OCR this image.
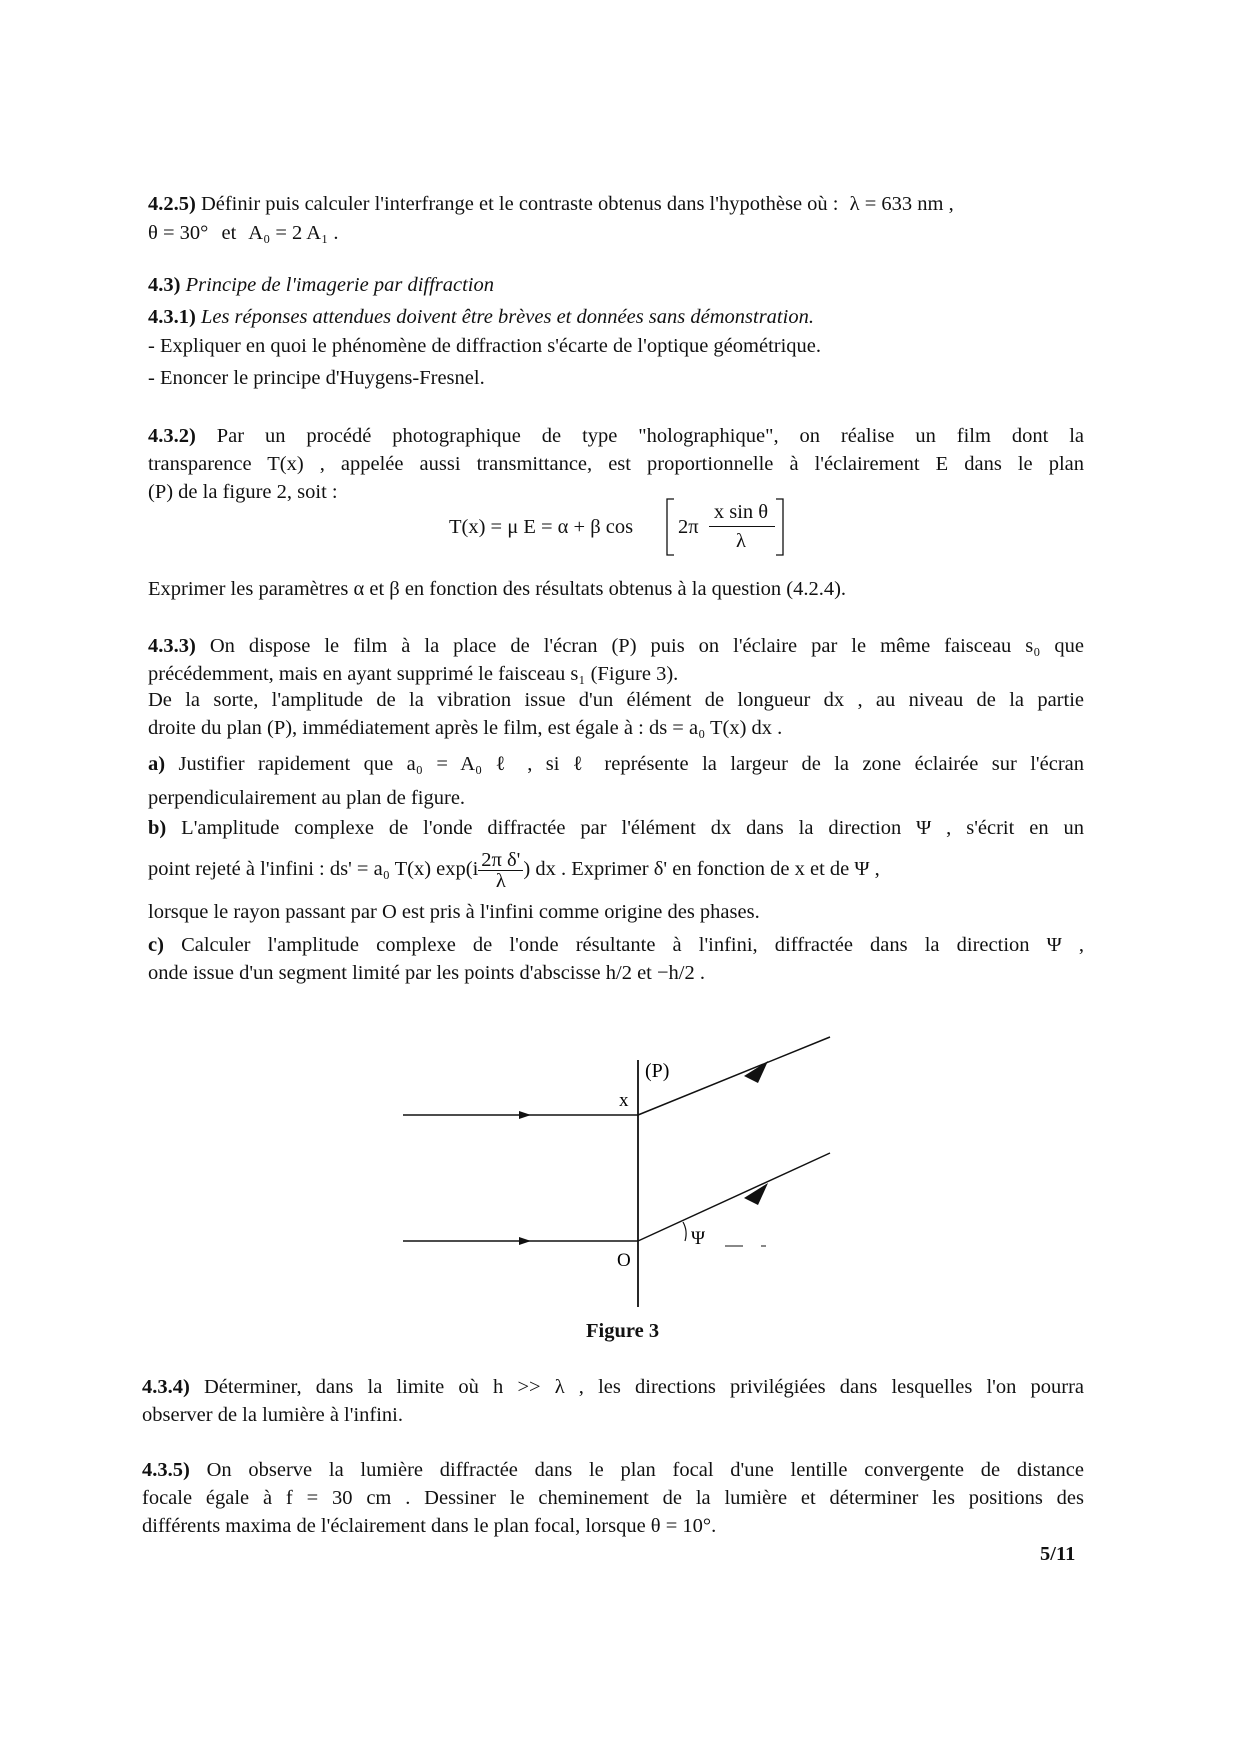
4.2.5) Définir puis calculer l'interfrange et le contraste obtenus dans l'hypothèse où : λ = 633 nm ,
θ = 30° et A₀ = 2 A₁ .
4.3) Principe de l'imagerie par diffraction
4.3.1) Les réponses attendues doivent être brèves et données sans démonstration.
- Expliquer en quoi le phénomène de diffraction s'écarte de l'optique géométrique.
- Enoncer le principe d'Huygens-Fresnel.
4.3.2) Par un procédé photographique de type "holographique", on réalise un film dont la
transparence T(x) , appelée aussi transmittance, est proportionnelle à l'éclairement E dans le plan
(P) de la figure 2, soit :
T(x) = μ E = α + β cos 2π
x sin θ
λ
Exprimer les paramètres α et β en fonction des résultats obtenus à la question (4.2.4).
4.3.3) On dispose le film à la place de l'écran (P) puis on l'éclaire par le même faisceau s₀ que
précédemment, mais en ayant supprimé le faisceau s₁ (Figure 3).
De la sorte, l'amplitude de la vibration issue d'un élément de longueur dx , au niveau de la partie
droite du plan (P), immédiatement après le film, est égale à : ds = a₀ T(x) dx .
a) Justifier rapidement que a₀ = A₀ ℓ , si ℓ représente la largeur de la zone éclairée sur l'écran
perpendiculairement au plan de figure.
b) L'amplitude complexe de l'onde diffractée par l'élément dx dans la direction Ψ , s'écrit en un
point rejeté à l'infini : ds' = a₀ T(x) $\exp(i \frac{\text{2π δ'}}{\lambda}$ ) dx . Exprimer δ' en fonction de x et de Ψ ,
lorsque le rayon passant par O est pris à l'infini comme origine des phases.
c) Calculer l'amplitude complexe de l'onde résultante à l'infini, diffractée dans la direction Ψ ,
onde issue d'un segment limité par les points d'abscisse h/2 et −h/2 .
(P)
x
O
Ψ
Figure 3
4.3.4) Déterminer, dans la limite où h >> λ , les directions privilégiées dans lesquelles l'on pourra
observer de la lumière à l'infini.
4.3.5) On observe la lumière diffractée dans le plan focal d'une lentille convergente de distance
focale égale à f = 30 cm . Dessiner le cheminement de la lumière et déterminer les positions des
différents maxima de l'éclairement dans le plan focal, lorsque θ = 10°.
5/11
